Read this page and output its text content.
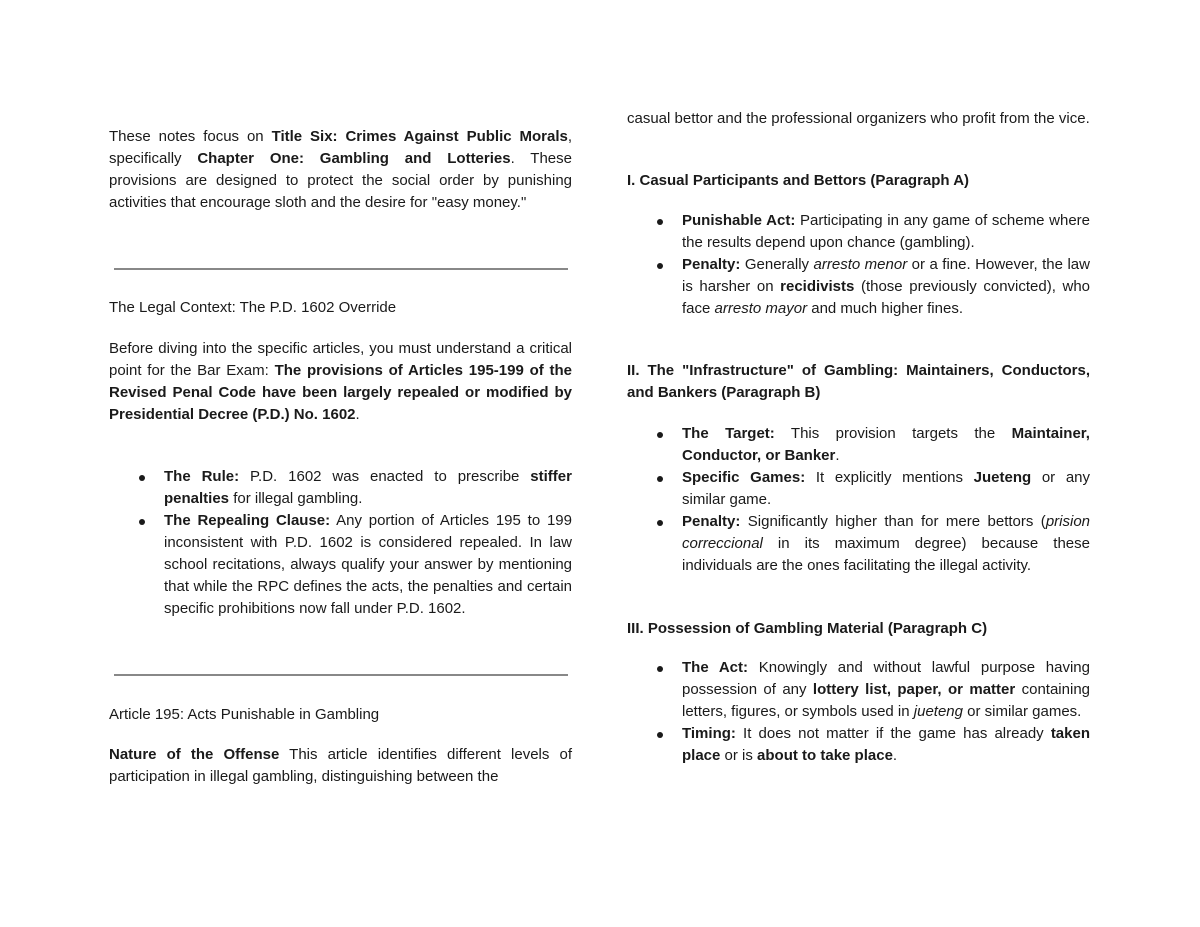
These notes focus on Title Six: Crimes Against Public Morals, specifically Chapter One: Gambling and Lotteries. These provisions are designed to protect the social order by punishing activities that encourage sloth and the desire for "easy money."

The Legal Context: The P.D. 1602 Override

Before diving into the specific articles, you must understand a critical point for the Bar Exam: The provisions of Articles 195-199 of the Revised Penal Code have been largely repealed or modified by Presidential Decree (P.D.) No. 1602.

The Rule: P.D. 1602 was enacted to prescribe stiffer penalties for illegal gambling.
The Repealing Clause: Any portion of Articles 195 to 199 inconsistent with P.D. 1602 is considered repealed. In law school recitations, always qualify your answer by mentioning that while the RPC defines the acts, the penalties and certain specific prohibitions now fall under P.D. 1602.

Article 195: Acts Punishable in Gambling

Nature of the Offense This article identifies different levels of participation in illegal gambling, distinguishing between the

casual bettor and the professional organizers who profit from the vice.

I. Casual Participants and Bettors (Paragraph A)

Punishable Act: Participating in any game of scheme where the results depend upon chance (gambling).
Penalty: Generally arresto menor or a fine. However, the law is harsher on recidivists (those previously convicted), who face arresto mayor and much higher fines.

II. The "Infrastructure" of Gambling: Maintainers, Conductors, and Bankers (Paragraph B)

The Target: This provision targets the Maintainer, Conductor, or Banker.
Specific Games: It explicitly mentions Jueteng or any similar game.
Penalty: Significantly higher than for mere bettors (prision correccional in its maximum degree) because these individuals are the ones facilitating the illegal activity.

III. Possession of Gambling Material (Paragraph C)

The Act: Knowingly and without lawful purpose having possession of any lottery list, paper, or matter containing letters, figures, or symbols used in jueteng or similar games.
Timing: It does not matter if the game has already taken place or is about to take place.
